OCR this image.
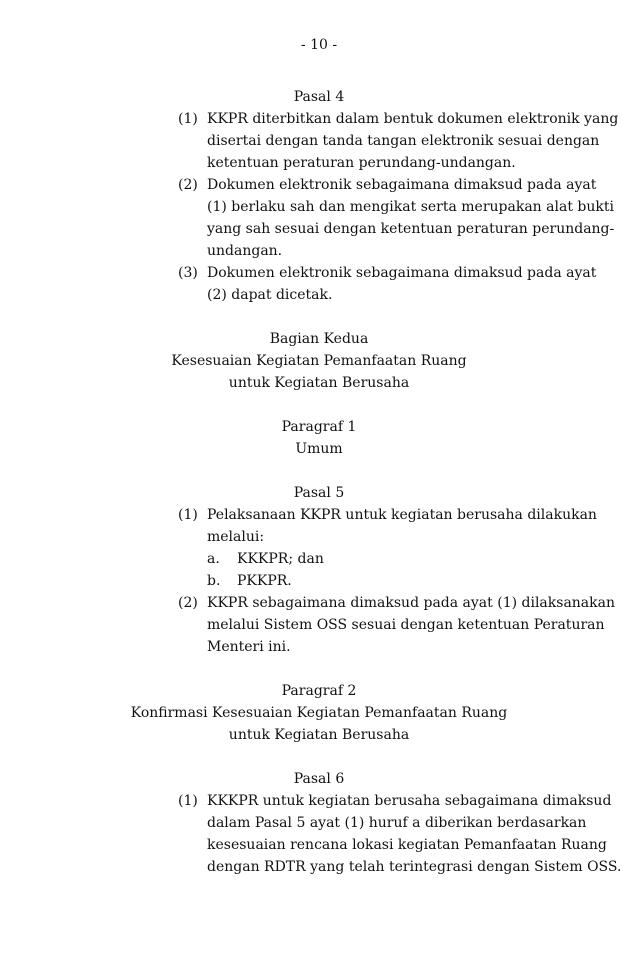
- 10 -
Pasal 4
(1) KKPR diterbitkan dalam bentuk dokumen elektronik yang
disertai dengan tanda tangan elektronik sesuai dengan
ketentuan peraturan perundang-undangan.
(2) Dokumen elektronik sebagaimana dimaksud pada ayat
(1) berlaku sah dan mengikat serta merupakan alat bukti
yang sah sesuai dengan ketentuan peraturan perundang-
undangan.
(3) Dokumen elektronik sebagaimana dimaksud pada ayat
(2) dapat dicetak.
Bagian Kedua
Kesesuaian Kegiatan Pemanfaatan Ruang
untuk Kegiatan Berusaha
Paragraf 1
Umum
Pasal 5
(1) Pelaksanaan KKPR untuk kegiatan berusaha dilakukan
melalui:
a. KKKPR; dan
b. PKKPR.
(2) KKPR sebagaimana dimaksud pada ayat (1) dilaksanakan
melalui Sistem OSS sesuai dengan ketentuan Peraturan
Menteri ini.
Paragraf 2
Konfirmasi Kesesuaian Kegiatan Pemanfaatan Ruang
untuk Kegiatan Berusaha
Pasal 6
(1) KKKPR untuk kegiatan berusaha sebagaimana dimaksud
dalam Pasal 5 ayat (1) huruf a diberikan berdasarkan
kesesuaian rencana lokasi kegiatan Pemanfaatan Ruang
dengan RDTR yang telah terintegrasi dengan Sistem OSS.
